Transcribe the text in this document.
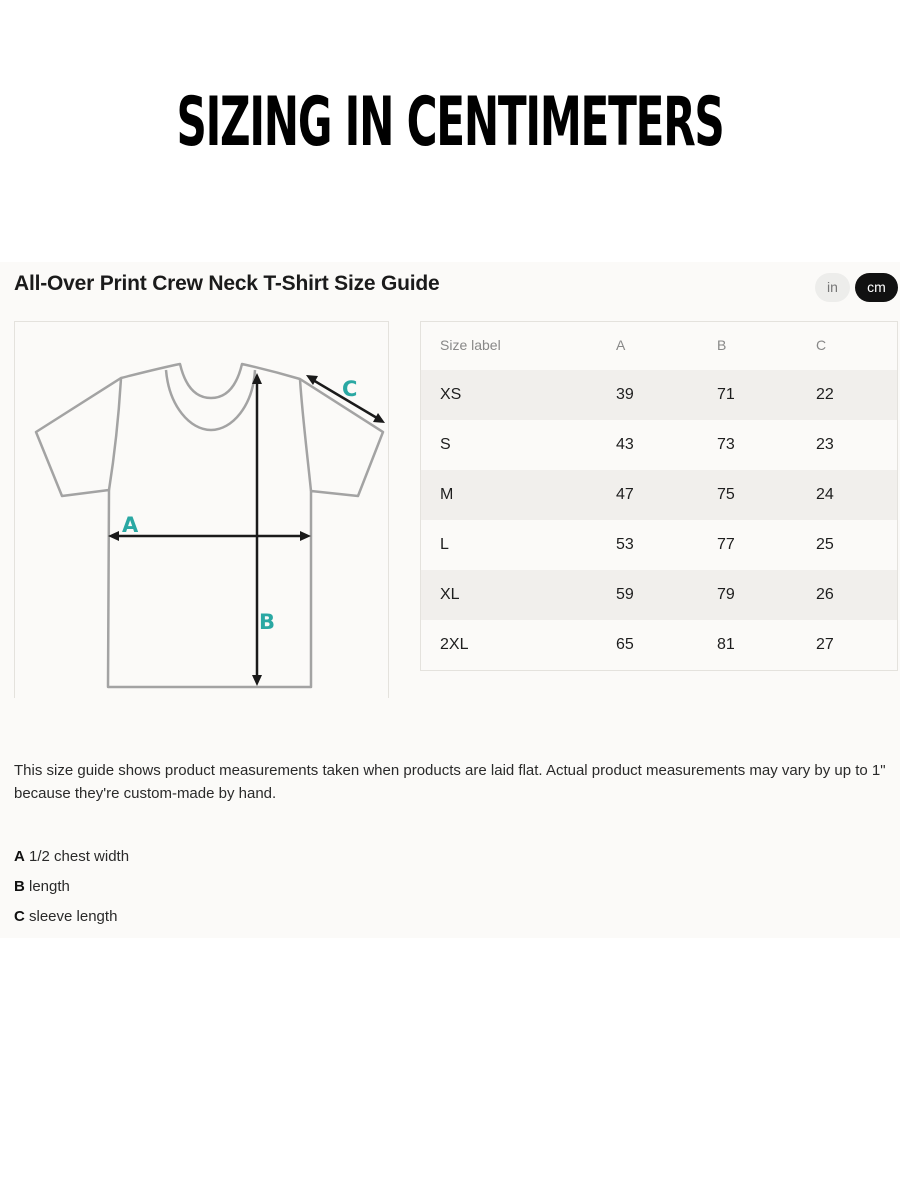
SIZING IN CENTIMETERS
All-Over Print Crew Neck T-Shirt Size Guide	in	cm
A
B
C
Size label	A	B	C
XS	39	71	22
S	43	73	23
M	47	75	24
L	53	77	25
XL	59	79	26
2XL	65	81	27

This size guide shows product measurements taken when products are laid flat. Actual product measurements may vary by up to 1" because they're custom-made by hand.

A 1/2 chest width
B length
C sleeve length
